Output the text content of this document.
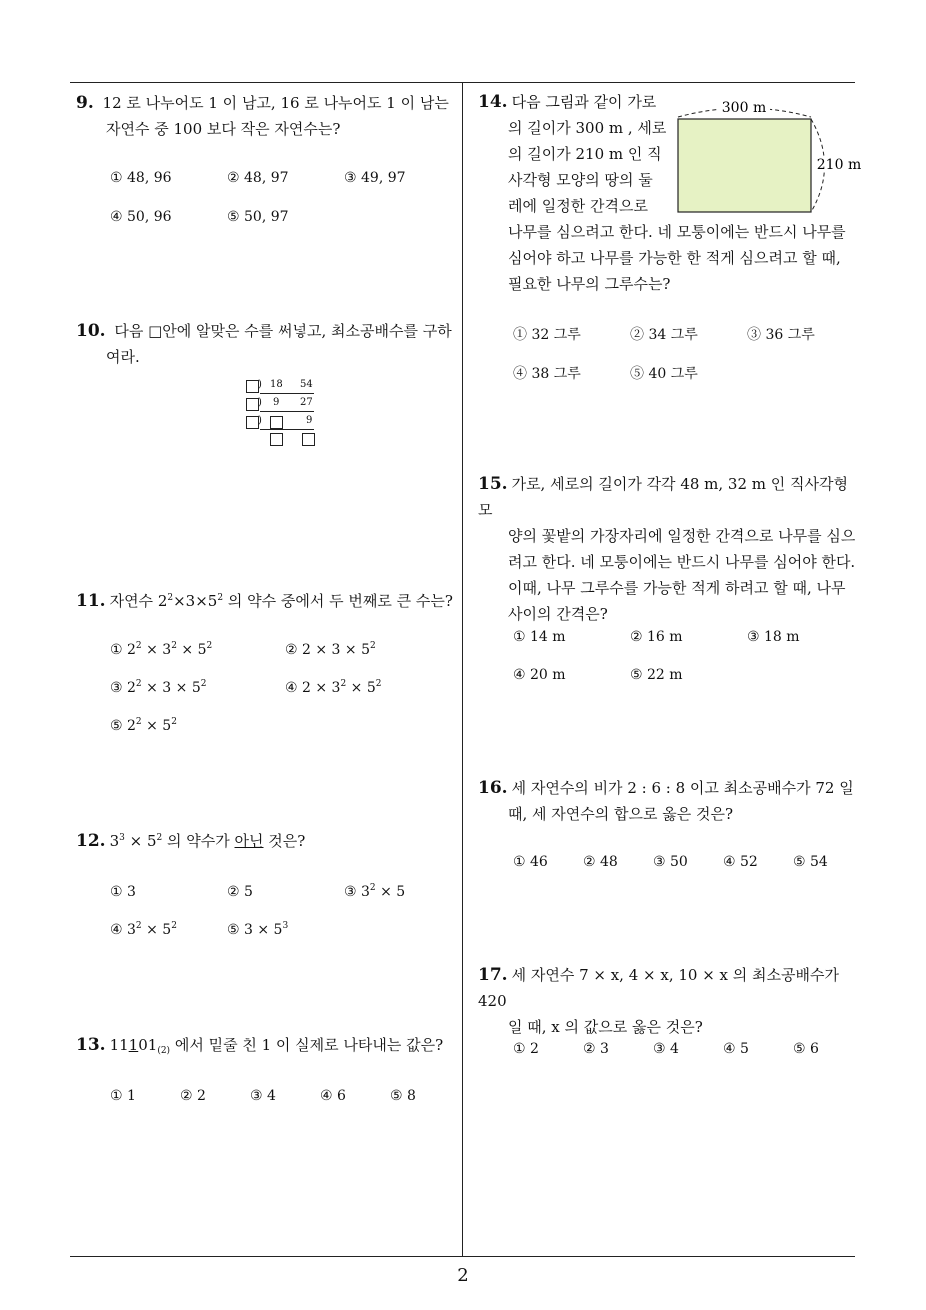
9. 12 로 나누어도 1 이 남고, 16 로 나누어도 1 이 남는
자연수 중 100 보다 작은 자연수는?
① 48, 96	② 48, 97	③ 49, 97
④ 50, 96	⑤ 50, 97
10. 다음 □안에 알맞은 수를 써넣고, 최소공배수를 구하
여라.
) 18 54
) 9 27
)	9
11. 자연수 $2^2\times 3\times 5^2$ 의 약수 중에서 두 번째로 큰 수는?
① $2^2 \times 3^2 \times 5^2$	② $2 \times 3 \times 5^2$
③ $2^2 \times 3 \times 5^2$	④ $2 \times 3^2 \times 5^2$
⑤ $2^2 \times 5^2$
12. $3^3 \times 5^2$ 의 약수가 아닌 것은?
① 3	② 5	③ $3^2 \times 5$
④ $3^2 \times 5^2$	⑤ $3 \times 5^3$
13. $11101_{(2)}$ 에서 밑줄 친 1 이 실제로 나타내는 값은?
① 1	② 2	③ 4	④ 6	⑤ 8
14. 다음 그림과 같이 가로
의 길이가 300 m , 세로
의 길이가 210 m 인 직
사각형 모양의 땅의 둘
레에 일정한 간격으로
나무를 심으려고 한다. 네 모퉁이에는 반드시 나무를
심어야 하고 나무를 가능한 한 적게 심으려고 할 때,
필요한 나무의 그루수는?
300 m
210 m
① 32 그루	② 34 그루	③ 36 그루
④ 38 그루	⑤ 40 그루
15. 가로, 세로의 길이가 각각 48 m, 32 m 인 직사각형 모
양의 꽃밭의 가장자리에 일정한 간격으로 나무를 심으
려고 한다. 네 모퉁이에는 반드시 나무를 심어야 한다.
이때, 나무 그루수를 가능한 적게 하려고 할 때, 나무
사이의 간격은?
① 14 m	② 16 m	③ 18 m
④ 20 m	⑤ 22 m
16. 세 자연수의 비가 2 : 6 : 8 이고 최소공배수가 72 일
때, 세 자연수의 합으로 옳은 것은?
① 46	② 48	③ 50	④ 52	⑤ 54
17. 세 자연수 7 × x, 4 × x, 10 × x 의 최소공배수가 420
일 때, x 의 값으로 옳은 것은?
① 2	② 3	③ 4	④ 5	⑤ 6
2
